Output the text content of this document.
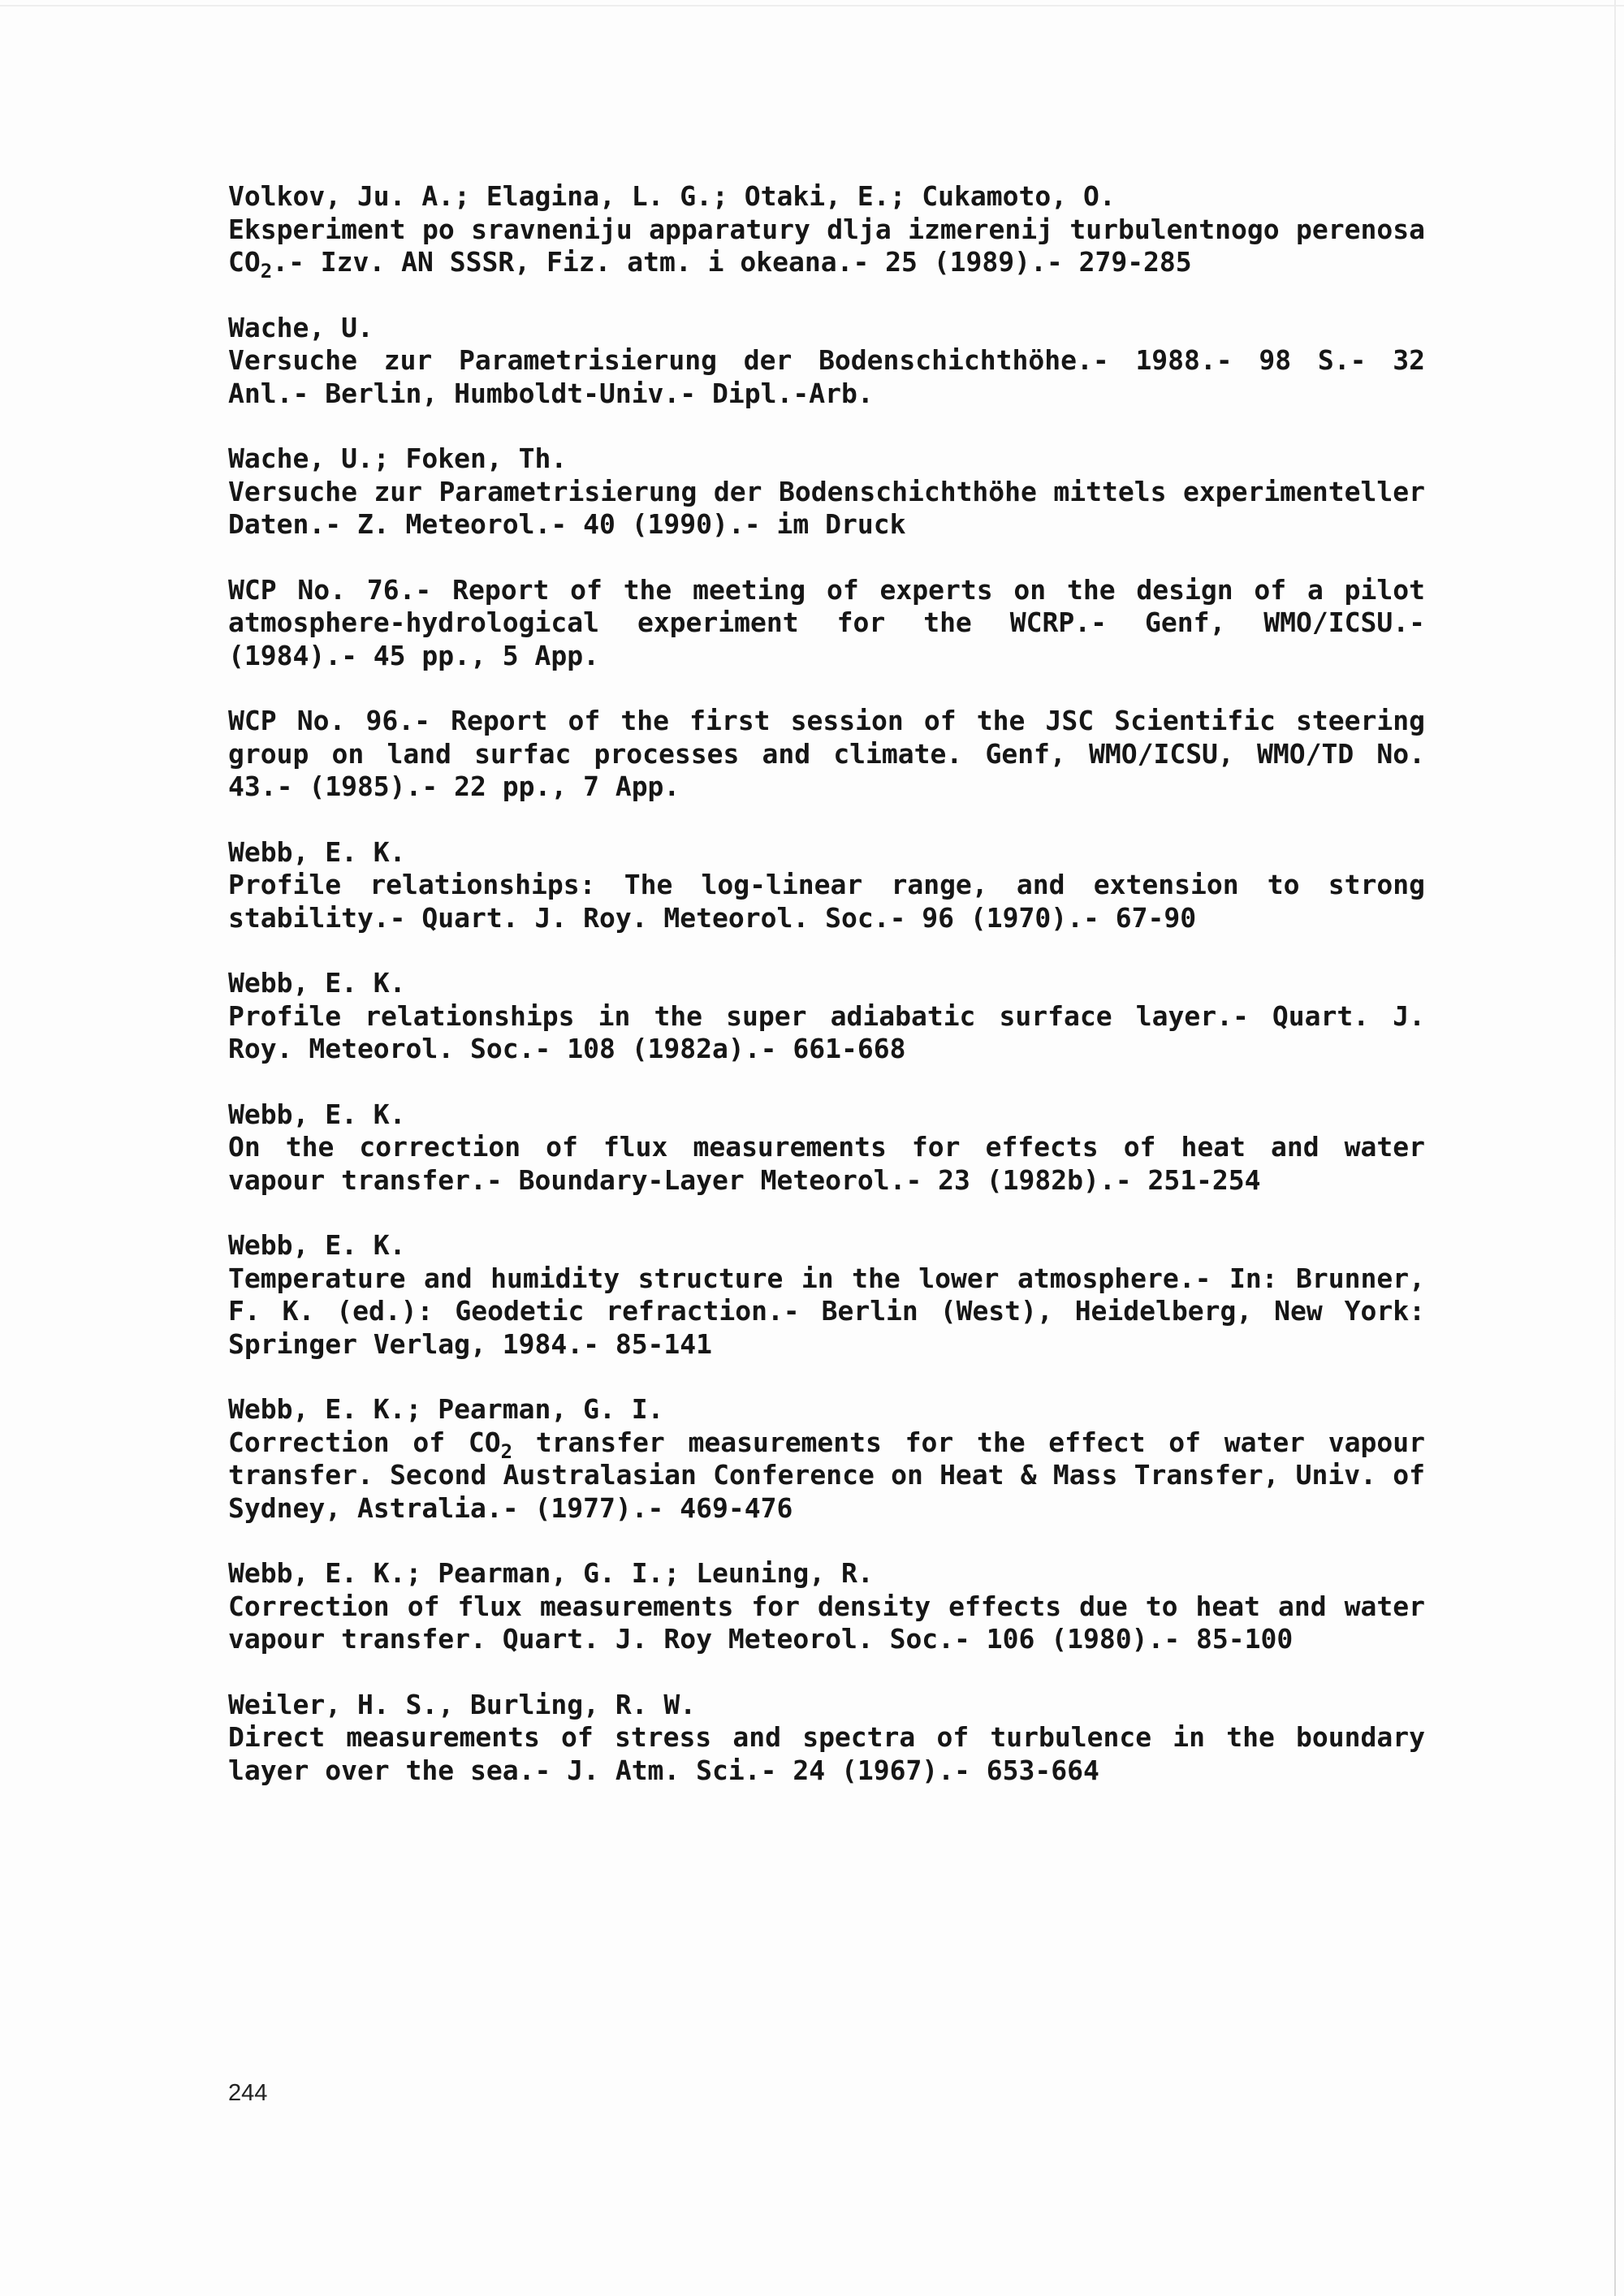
Volkov, Ju. A.; Elagina, L. G.; Otaki, E.; Cukamoto, O.
Eksperiment po sravneniju apparatury dlja izmerenij turbulentnogo perenosa $CO_2.-$ Izv. AN SSSR, Fiz. atm. i okeana.- 25 (1989).- 279-285
Wache, U.
Versuche zur Parametrisierung der Bodenschichthöhe.- 1988.- 98 S.- 32 Anl.- Berlin, Humboldt-Univ.- Dipl.-Arb.
Wache, U.; Foken, Th.
Versuche zur Parametrisierung der Bodenschichthöhe mittels experimenteller Daten.- Z. Meteorol.- 40 (1990).- im Druck
WCP No. 76.- Report of the meeting of experts on the design of a pilot atmosphere-hydrological experiment for the WCRP.- Genf, WMO/ICSU.- (1984).- 45 pp., 5 App.
WCP No. 96.- Report of the first session of the JSC Scientific steering group on land surfac processes and climate. Genf, WMO/ICSU, WMO/TD No. 43.- (1985).- 22 pp., 7 App.
Webb, E. K.
Profile relationships: The log-linear range, and extension to strong stability.- Quart. J. Roy. Meteorol. Soc.- 96 (1970).- 67-90
Webb, E. K.
Profile relationships in the super adiabatic surface layer.- Quart. J. Roy. Meteorol. Soc.- 108 (1982a).- 661-668
Webb, E. K.
On the correction of flux measurements for effects of heat and water vapour transfer.- Boundary-Layer Meteorol.- 23 (1982b).- 251-254
Webb, E. K.
Temperature and humidity structure in the lower atmosphere.- In: Brunner, F. K. (ed.): Geodetic refraction.- Berlin (West), Heidelberg, New York: Springer Verlag, 1984.- 85-141
Webb, E. K.; Pearman, G. I.
Correction of $CO_2$ transfer measurements for the effect of water vapour transfer. Second Australasian Conference on Heat & Mass Transfer, Univ. of Sydney, Astralia.- (1977).- 469-476
Webb, E. K.; Pearman, G. I.; Leuning, R.
Correction of flux measurements for density effects due to heat and water vapour transfer. Quart. J. Roy Meteorol. Soc.- 106 (1980).- 85-100
Weiler, H. S., Burling, R. W.
Direct measurements of stress and spectra of turbulence in the boundary layer over the sea.- J. Atm. Sci.- 24 (1967).- 653-664
244
